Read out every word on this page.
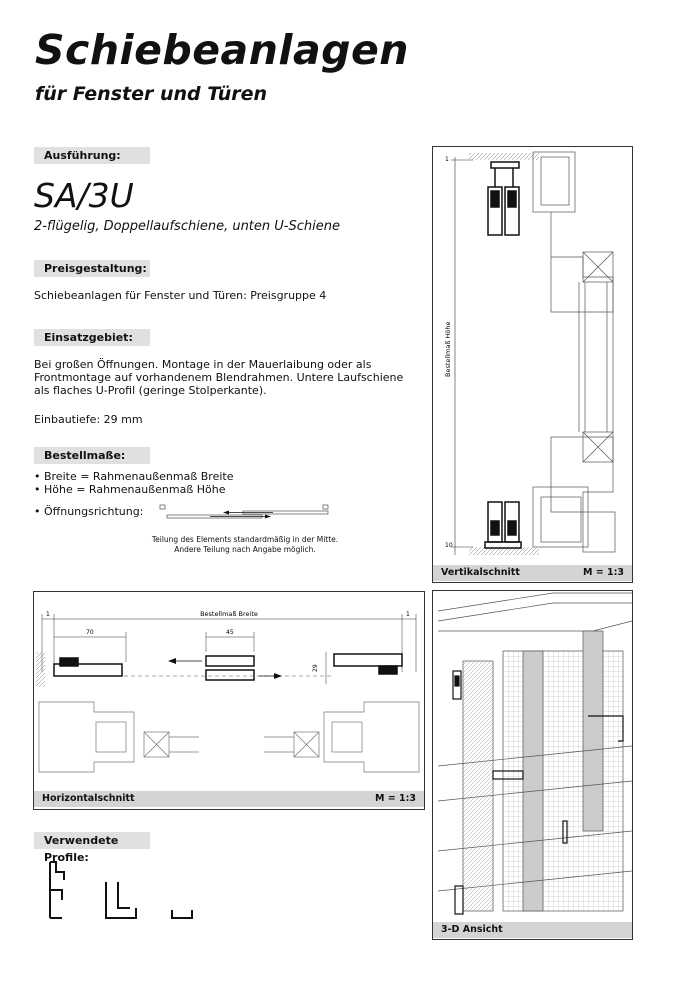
Schiebeanlagen
für Fenster und Türen
Ausführung:
SA/3U
2-flügelig, Doppellaufschiene, unten U-Schiene
Preisgestaltung:
Schiebeanlagen für Fenster und Türen: Preisgruppe 4
Einsatzgebiet:
Bei großen Öffnungen. Montage in der Mauerlaibung oder als
Frontmontage auf vorhandenem Blendrahmen. Untere Laufschiene
als flaches U-Profil (geringe Stolperkante).
Einbautiefe: 29 mm
Bestellmaße:
• Breite = Rahmenaußenmaß Breite
• Höhe = Rahmenaußenmaß Höhe
• Öffnungsrichtung:
Teilung des Elements standardmäßig in der Mitte.
Andere Teilung nach Angabe möglich.
Bestellmaß Höhe
1
10
Vertikalschnitt	M = 1:3
1	1
Bestellmaß Breite
70	45
29
Horizontalschnitt	M = 1:3
3-D Ansicht
Verwendete Profile:
